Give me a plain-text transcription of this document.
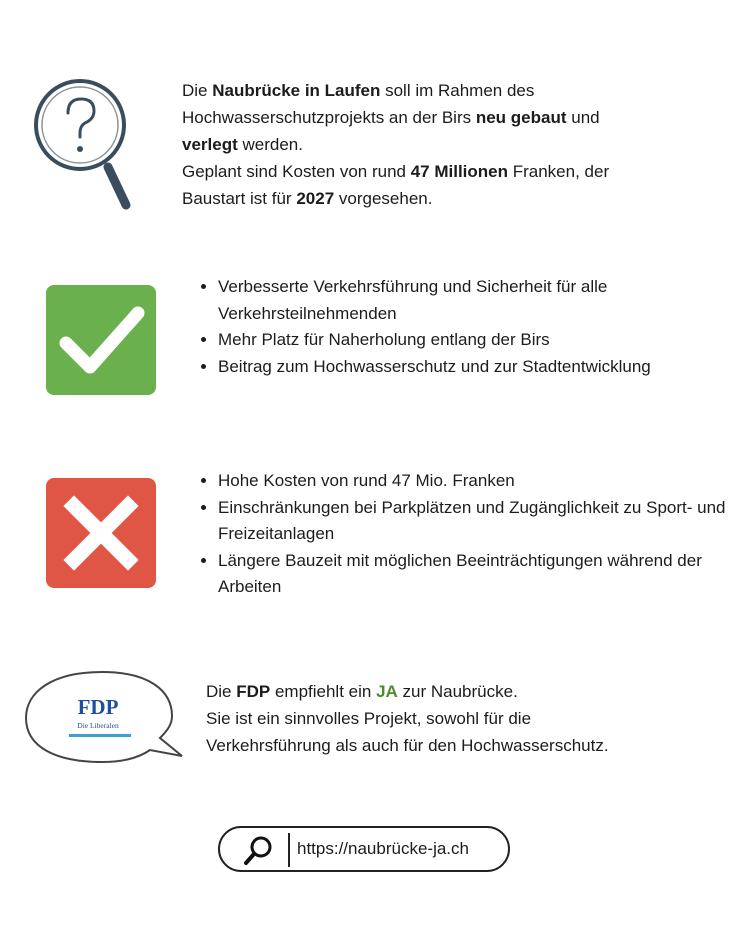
Die Naubrücke in Laufen soll im Rahmen des
Hochwasserschutzprojekts an der Birs neu gebaut und
verlegt werden.
Geplant sind Kosten von rund 47 Millionen Franken, der
Baustart ist für 2027 vorgesehen.
• Verbesserte Verkehrsführung und Sicherheit für alle Verkehrsteilnehmenden
• Mehr Platz für Naherholung entlang der Birs
• Beitrag zum Hochwasserschutz und zur Stadtentwicklung
• Hohe Kosten von rund 47 Mio. Franken
• Einschränkungen bei Parkplätzen und Zugänglichkeit zu Sport- und Freizeitanlagen
• Längere Bauzeit mit möglichen Beeinträchtigungen während der Arbeiten
FDP
Die Liberalen
Die FDP empfiehlt ein JA zur Naubrücke.
Sie ist ein sinnvolles Projekt, sowohl für die
Verkehrsführung als auch für den Hochwasserschutz.
https://naubrücke-ja.ch
